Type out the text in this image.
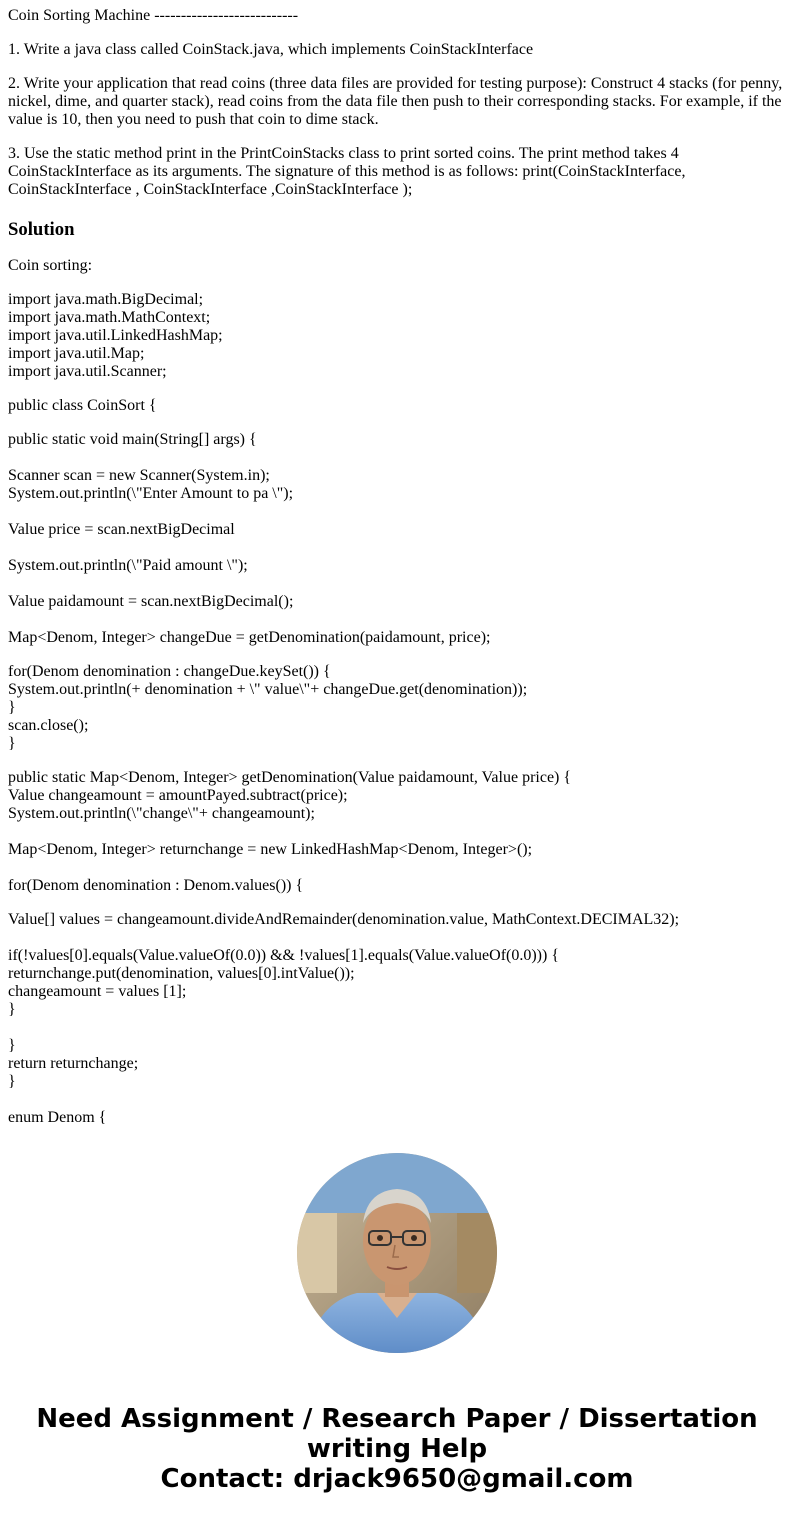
Coin Sorting Machine ---------------------------

1. Write a java class called CoinStack.java, which implements CoinStackInterface

2. Write your application that read coins (three data files are provided for testing purpose): Construct 4 stacks (for penny, nickel, dime, and quarter stack), read coins from the data file then push to their corresponding stacks. For example, if the value is 10, then you need to push that coin to dime stack.

3. Use the static method print in the PrintCoinStacks class to print sorted coins. The print method takes 4 CoinStackInterface as its arguments. The signature of this method is as follows: print(CoinStackInterface, CoinStackInterface , CoinStackInterface ,CoinStackInterface );

Solution

Coin sorting:

import java.math.BigDecimal;
import java.math.MathContext;
import java.util.LinkedHashMap;
import java.util.Map;
import java.util.Scanner;

public class CoinSort {

public static void main(String[] args) {

Scanner scan = new Scanner(System.in);
System.out.println(\"Enter Amount to pa \");

Value price = scan.nextBigDecimal

System.out.println(\"Paid amount \");

Value paidamount = scan.nextBigDecimal();

Map<Denom, Integer> changeDue = getDenomination(paidamount, price);

for(Denom denomination : changeDue.keySet()) {
System.out.println(+ denomination + \" value\"+ changeDue.get(denomination));
}
scan.close();
}

public static Map<Denom, Integer> getDenomination(Value paidamount, Value price) {
Value changeamount = amountPayed.subtract(price);
System.out.println(\"change\"+ changeamount);

Map<Denom, Integer> returnchange = new LinkedHashMap<Denom, Integer>();

for(Denom denomination : Denom.values()) {

Value[] values = changeamount.divideAndRemainder(denomination.value, MathContext.DECIMAL32);

if(!values[0].equals(Value.valueOf(0.0)) && !values[1].equals(Value.valueOf(0.0))) {
returnchange.put(denomination, values[0].intValue());
changeamount = values [1];
}

}
return returnchange;
}

enum Denom {

Need Assignment / Research Paper / Dissertation
writing Help
Contact: drjack9650@gmail.com
